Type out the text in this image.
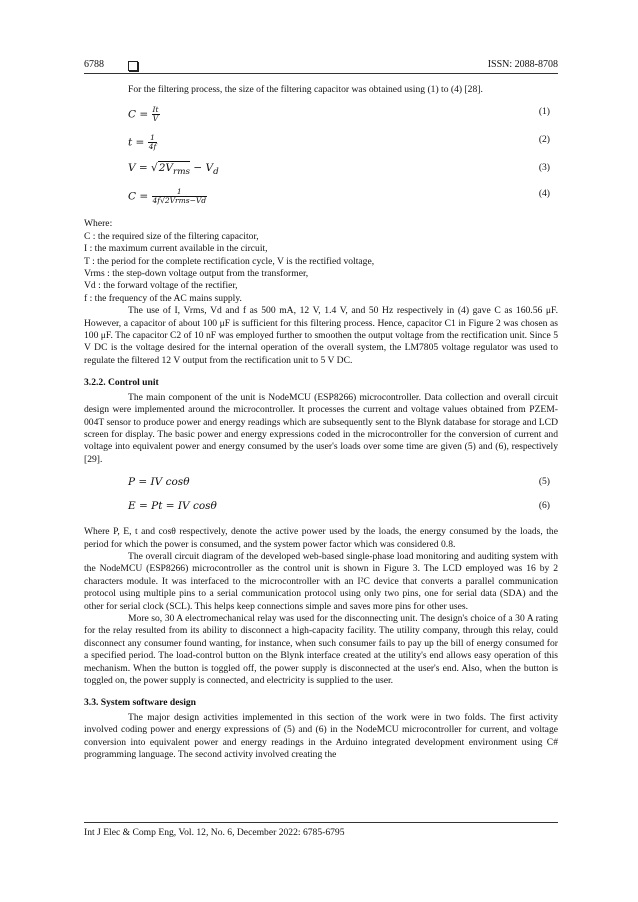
6788	ISSN: 2088-8708

For the filtering process, the size of the filtering capacitor was obtained using (1) to (4) [28].

$C = \frac{It}{V}$	(1)
$t = \frac{1}{4f}$	(2)
$V = √2V_{rms} - V_d$	(3)
$C = \frac{1}{\text{4f√2Vrms−Vd}}$	(4)

Where:

C : the required size of the filtering capacitor,

I : the maximum current available in the circuit,

T : the period for the complete rectification cycle, V is the rectified voltage,

Vrms : the step-down voltage output from the transformer,

Vd : the forward voltage of the rectifier,

f : the frequency of the AC mains supply.

The use of I, Vrms, Vd and f as 500 mA, 12 V, 1.4 V, and 50 Hz respectively in (4) gave C as 160.56 μF. However, a capacitor of about 100 μF is sufficient for this filtering process. Hence, capacitor C1 in Figure 2 was chosen as 100 μF. The capacitor C2 of 10 nF was employed further to smoothen the output voltage from the rectification unit. Since 5 V DC is the voltage desired for the internal operation of the overall system, the LM7805 voltage regulator was used to regulate the filtered 12 V output from the rectification unit to 5 V DC.

3.2.2. Control unit

The main component of the unit is NodeMCU (ESP8266) microcontroller. Data collection and overall circuit design were implemented around the microcontroller. It processes the current and voltage values obtained from PZEM-004T sensor to produce power and energy readings which are subsequently sent to the Blynk database for storage and LCD screen for display. The basic power and energy expressions coded in the microcontroller for the conversion of current and voltage into equivalent power and energy consumed by the user's loads over some time are given (5) and (6), respectively [29].

P = IV cosθ	(5)
E = Pt = IV cosθ	(6)

Where P, E, t and cosθ respectively, denote the active power used by the loads, the energy consumed by the loads, the period for which the power is consumed, and the system power factor which was considered 0.8.

The overall circuit diagram of the developed web-based single-phase load monitoring and auditing system with the NodeMCU (ESP8266) microcontroller as the control unit is shown in Figure 3. The LCD employed was 16 by 2 characters module. It was interfaced to the microcontroller with an I²C device that converts a parallel communication protocol using multiple pins to a serial communication protocol using only two pins, one for serial data (SDA) and the other for serial clock (SCL). This helps keep connections simple and saves more pins for other uses.

More so, 30 A electromechanical relay was used for the disconnecting unit. The design's choice of a 30 A rating for the relay resulted from its ability to disconnect a high-capacity facility. The utility company, through this relay, could disconnect any consumer found wanting, for instance, when such consumer fails to pay up the bill of energy consumed for a specified period. The load-control button on the Blynk interface created at the utility's end allows easy operation of this mechanism. When the button is toggled off, the power supply is disconnected at the user's end. Also, when the button is toggled on, the power supply is connected, and electricity is supplied to the user.

3.3. System software design

The major design activities implemented in this section of the work were in two folds. The first activity involved coding power and energy expressions of (5) and (6) in the NodeMCU microcontroller for current, and voltage conversion into equivalent power and energy readings in the Arduino integrated development environment using C# programming language. The second activity involved creating the

Int J Elec & Comp Eng, Vol. 12, No. 6, December 2022: 6785-6795
